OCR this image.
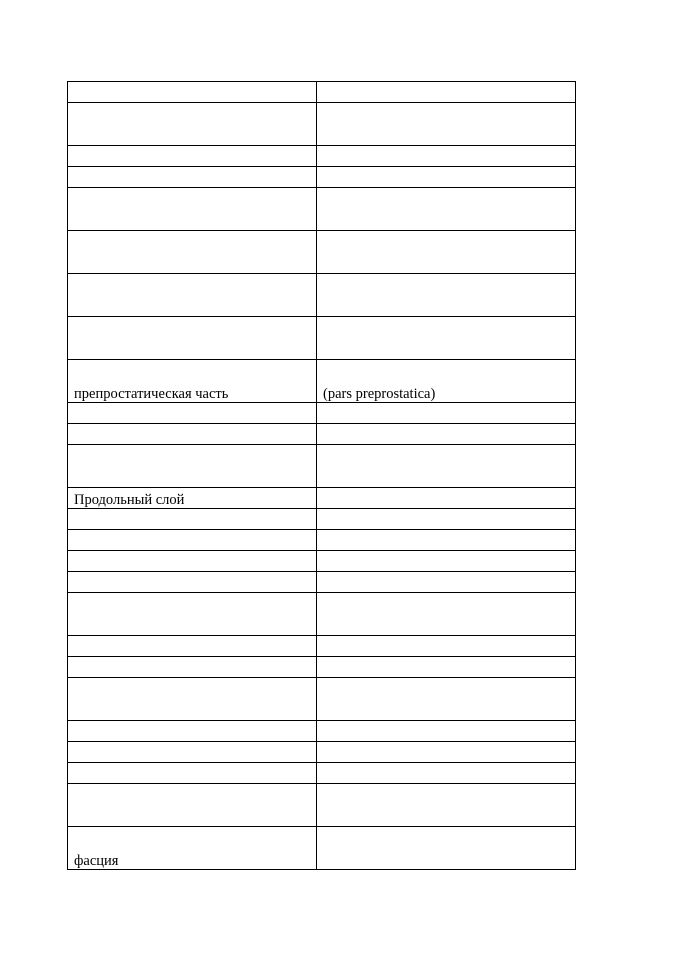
препростатическая часть	(pars preprostatica)

Продольный слой	

фасция	
